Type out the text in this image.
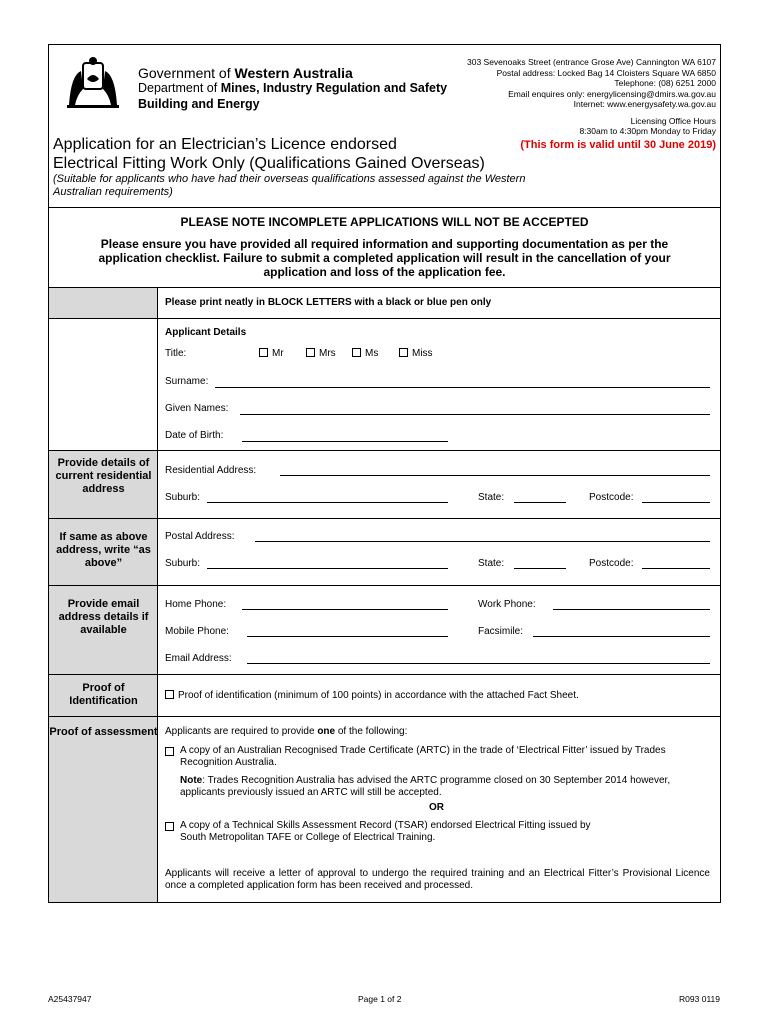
Government of Western Australia
Department of Mines, Industry Regulation and Safety
Building and Energy
303 Sevenoaks Street (entrance Grose Ave) Cannington WA 6107
Postal address: Locked Bag 14 Cloisters Square WA 6850
Telephone: (08) 6251 2000
Email enquires only: energylicensing@dmirs.wa.gov.au
Internet: www.energysafety.wa.gov.au
Licensing Office Hours
8:30am to 4:30pm Monday to Friday
Application for an Electrician’s Licence endorsed
Electrical Fitting Work Only (Qualifications Gained Overseas)
(Suitable for applicants who have had their overseas qualifications assessed against the Western Australian requirements)
(This form is valid until 30 June 2019)
PLEASE NOTE INCOMPLETE APPLICATIONS WILL NOT BE ACCEPTED
Please ensure you have provided all required information and supporting documentation as per the application checklist. Failure to submit a completed application will result in the cancellation of your application and loss of the application fee.
Please print neatly in BLOCK LETTERS with a black or blue pen only
Applicant Details
Title:	Mr	Mrs	Ms	Miss
Surname:
Given Names:
Date of Birth:
Provide details of current residential address
Residential Address:
Suburb:	State:	Postcode:
If same as above address, write “as above”
Postal Address:
Suburb:	State:	Postcode:
Provide email address details if available
Home Phone:	Work Phone:
Mobile Phone:	Facsimile:
Email Address:
Proof of Identification	Proof of identification (minimum of 100 points) in accordance with the attached Fact Sheet.
Proof of assessment Applicants are required to provide one of the following:
A copy of an Australian Recognised Trade Certificate (ARTC) in the trade of ‘Electrical Fitter’ issued by Trades Recognition Australia.
Note: Trades Recognition Australia has advised the ARTC programme closed on 30 September 2014 however, applicants previously issued an ARTC will still be accepted.
OR
A copy of a Technical Skills Assessment Record (TSAR) endorsed Electrical Fitting issued by
South Metropolitan TAFE or College of Electrical Training.
Applicants will receive a letter of approval to undergo the required training and an Electrical Fitter’s Provisional Licence once a completed application form has been received and processed.
A25437947	Page 1 of 2	R093 0119
